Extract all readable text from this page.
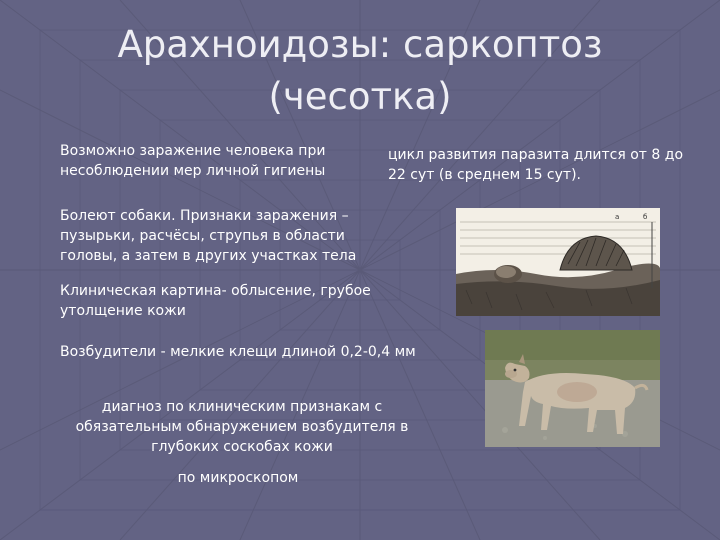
Арахноидозы: саркоптоз
(чесотка)
Возможно заражение человека при несоблюдении мер личной гигиены
цикл развития паразита длится от 8 до 22 сут (в среднем 15 сут).
Болеют собаки. Признаки заражения – пузырьки, расчёсы, струпья в области головы, а затем в других участках тела
Клиническая картина- облысение, грубое утолщение кожи
Возбудители - мелкие клещи длиной 0,2-0,4 мм
диагноз по клиническим признакам с обязательным обнаружением возбудителя в глубоких соскобах кожи
по микроскопом
а	б
